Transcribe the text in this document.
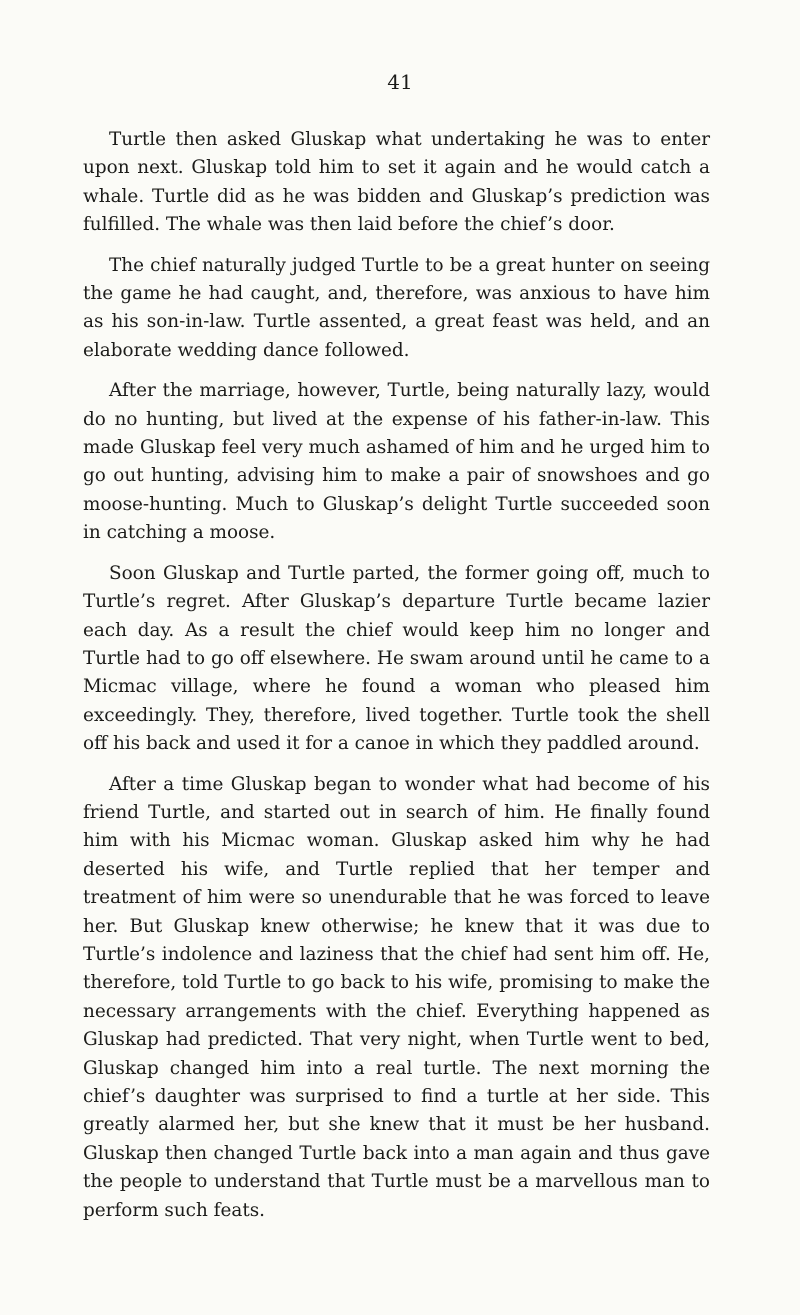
41

Turtle then asked Gluskap what undertaking he was to enter upon next. Gluskap told him to set it again and he would catch a whale. Turtle did as he was bidden and Gluskap’s prediction was fulfilled. The whale was then laid before the chief’s door.

The chief naturally judged Turtle to be a great hunter on seeing the game he had caught, and, therefore, was anxious to have him as his son-in-law. Turtle assented, a great feast was held, and an elaborate wedding dance followed.

After the marriage, however, Turtle, being naturally lazy, would do no hunting, but lived at the expense of his father-in-law. This made Gluskap feel very much ashamed of him and he urged him to go out hunting, advising him to make a pair of snowshoes and go moose-hunting. Much to Gluskap’s delight Turtle succeeded soon in catching a moose.

Soon Gluskap and Turtle parted, the former going off, much to Turtle’s regret. After Gluskap’s departure Turtle became lazier each day. As a result the chief would keep him no longer and Turtle had to go off elsewhere. He swam around until he came to a Micmac village, where he found a woman who pleased him exceedingly. They, therefore, lived together. Turtle took the shell off his back and used it for a canoe in which they paddled around.

After a time Gluskap began to wonder what had become of his friend Turtle, and started out in search of him. He finally found him with his Micmac woman. Gluskap asked him why he had deserted his wife, and Turtle replied that her temper and treatment of him were so unendurable that he was forced to leave her. But Gluskap knew otherwise; he knew that it was due to Turtle’s indolence and laziness that the chief had sent him off. He, therefore, told Turtle to go back to his wife, promising to make the necessary arrangements with the chief. Everything happened as Gluskap had predicted. That very night, when Turtle went to bed, Gluskap changed him into a real turtle. The next morning the chief’s daughter was surprised to find a turtle at her side. This greatly alarmed her, but she knew that it must be her husband. Gluskap then changed Turtle back into a man again and thus gave the people to understand that Turtle must be a marvellous man to perform such feats.
